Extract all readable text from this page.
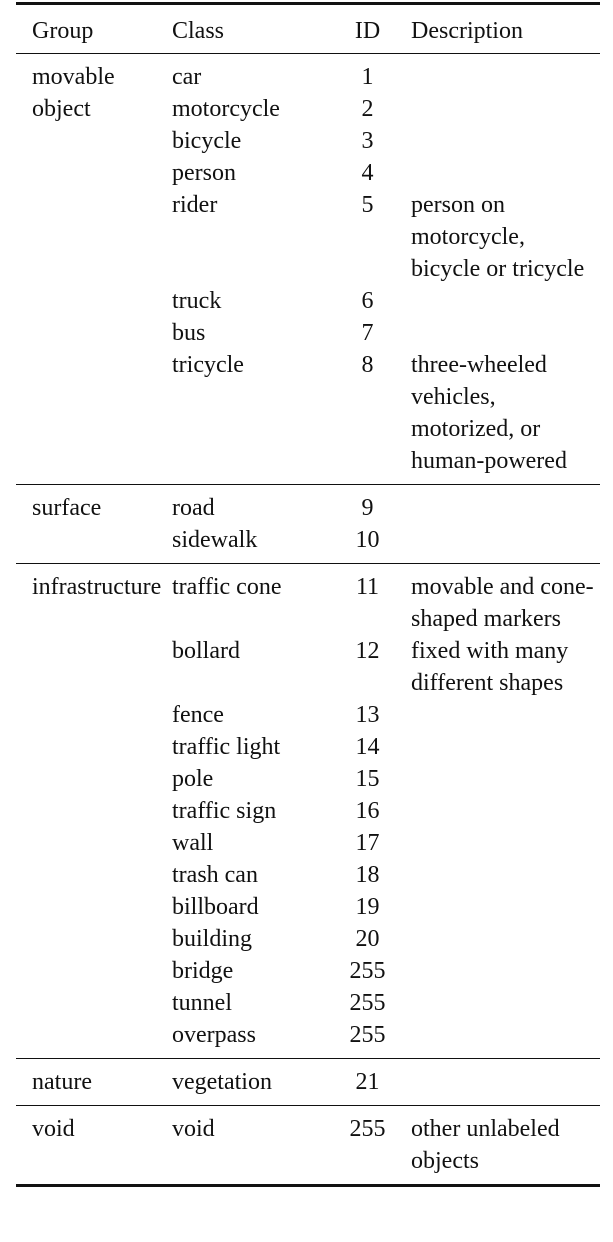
Group	Class	ID	Description
movable object	car	1	
	motorcycle	2	
	bicycle	3	
	person	4	
	rider	5	person on motorcycle, bicycle or tricycle
	truck	6	
	bus	7	
	tricycle	8	three-wheeled vehicles, motorized, or human-powered
surface	road	9	
	sidewalk	10	
infrastructure	traffic cone	11	movable and cone-shaped markers
	bollard	12	fixed with many different shapes
	fence	13	
	traffic light	14	
	pole	15	
	traffic sign	16	
	wall	17	
	trash can	18	
	billboard	19	
	building	20	
	bridge	255	
	tunnel	255	
	overpass	255	
nature	vegetation	21	
void	void	255	other unlabeled objects
